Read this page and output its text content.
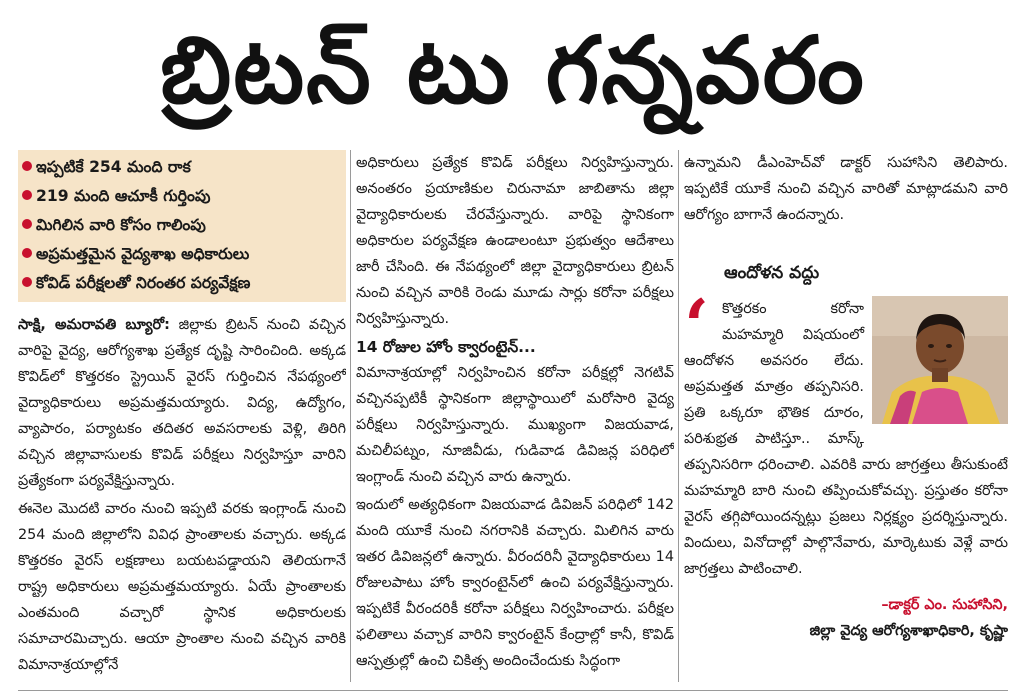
బ్రిటన్‌ టు గన్నవరం
ఇప్పటికే 254 మంది రాక
219 మంది ఆచూకీ గుర్తింపు
మిగిలిన వారి కోసం గాలింపు
అప్రమత్తమైన వైద్యశాఖ అధికారులు
కోవిడ్‌ పరీక్షలతో నిరంతర పర్యవేక్షణ

సాక్షి, అమరావతి బ్యూరో: జిల్లాకు బ్రిటన్‌ నుంచి వచ్చిన వారిపై వైద్య, ఆరోగ్యశాఖ ప్రత్యేక దృష్టి సారించింది. అక్కడ కొవిడ్‌లో కొత్తరకం స్ట్రెయిన్‌ వైరస్‌ గుర్తించిన నేపథ్యంలో వైద్యాధికారులు అప్రమత్తమయ్యారు. విద్య, ఉద్యోగం, వ్యాపారం, పర్యాటకం తదితర అవసరాలకు వెళ్లి, తిరిగి వచ్చిన జిల్లావాసులకు కొవిడ్‌ పరీక్షలు నిర్వహిస్తూ వారిని ప్రత్యేకంగా పర్యవేక్షిస్తున్నారు.

ఈనెల మొదటి వారం నుంచి ఇప్పటి వరకు ఇంగ్లాండ్‌ నుంచి 254 మంది జిల్లాలోని వివిధ ప్రాంతాలకు వచ్చారు. అక్కడ కొత్తరకం వైరస్‌ లక్షణాలు బయటపడ్డాయని తెలియగానే రాష్ట్ర అధికారులు అప్రమత్తమయ్యారు. ఏయే ప్రాంతాలకు ఎంతమంది వచ్చారో స్థానిక అధికారులకు సమాచారమిచ్చారు. ఆయా ప్రాంతాల నుంచి వచ్చిన వారికి విమానాశ్రయాల్లోనే

అధికారులు ప్రత్యేక కొవిడ్‌ పరీక్షలు నిర్వహిస్తున్నారు. అనంతరం ప్రయాణికుల చిరునామా జాబితాను జిల్లా వైద్యాధికారులకు చేరవేస్తున్నారు. వారిపై స్థానికంగా అధికారుల పర్యవేక్షణ ఉండాలంటూ ప్రభుత్వం ఆదేశాలు జారీ చేసింది. ఈ నేపథ్యంలో జిల్లా వైద్యాధికారులు బ్రిటన్‌ నుంచి వచ్చిన వారికి రెండు మూడు సార్లు కరోనా పరీక్షలు నిర్వహిస్తున్నారు.

14 రోజుల హోం క్వారంటైన్‌...

విమానాశ్రయాల్లో నిర్వహించిన కరోనా పరీక్షల్లో నెగటివ్‌ వచ్చినప్పటికీ స్థానికంగా జిల్లాస్థాయిలో మరోసారి వైద్య పరీక్షలు నిర్వహిస్తున్నారు. ముఖ్యంగా విజయవాడ, మచిలీపట్నం, నూజివీడు, గుడివాడ డివిజన్ల పరిధిలో ఇంగ్లాండ్‌ నుంచి వచ్చిన వారు ఉన్నారు.

ఇందులో అత్యధికంగా విజయవాడ డివిజన్‌ పరిధిలో 142 మంది యూకే నుంచి నగరానికి వచ్చారు. మిలిగిన వారు ఇతర డివిజన్లలో ఉన్నారు. వీరందరినీ వైద్యాధికారులు 14 రోజులపాటు హోం క్వారంటైన్‌లో ఉంచి పర్యవేక్షిస్తున్నారు. ఇప్పటికే వీరందరికీ కరోనా పరీక్షలు నిర్వహించారు. పరీక్షల ఫలితాలు వచ్చాక వారిని క్వారంటైన్‌ కేంద్రాల్లో కానీ, కొవిడ్‌ ఆస్పత్రుల్లో ఉంచి చికిత్స అందించేందుకు సిద్ధంగా

ఉన్నామని డీఎంహెచ్‌వో డాక్టర్‌ సుహాసిని తెలిపారు. ఇప్పటికే యూకే నుంచి వచ్చిన వారితో మాట్లాడమని వారి ఆరోగ్యం బాగానే ఉందన్నారు.

ఆందోళన వద్దు
‘ కొత్తరకం కరోనా మహమ్మారి విషయంలో ఆందోళన అవసరం లేదు. అప్రమత్తత మాత్రం తప్పనిసరి. ప్రతి ఒక్కరూ భౌతిక దూరం, పరిశుభ్రత పాటిస్తూ.. మాస్క్‌ తప్పనిసరిగా ధరించాలి. ఎవరికి వారు జాగ్రత్తలు తీసుకుంటే మహమ్మారి బారి నుంచి తప్పించుకోవచ్చు. ప్రస్తుతం కరోనా వైరస్‌ తగ్గిపోయిందన్నట్లు ప్రజలు నిర్లక్ష్యం ప్రదర్శిస్తున్నారు. విందులు, వినోదాల్లో పాల్గొనేవారు, మార్కెటుకు వెళ్లే వారు జాగ్రత్తలు పాటించాలి.
–డాక్టర్‌ ఎం. సుహాసిని,
జిల్లా వైద్య ఆరోగ్యశాఖాధికారి, కృష్ణా
